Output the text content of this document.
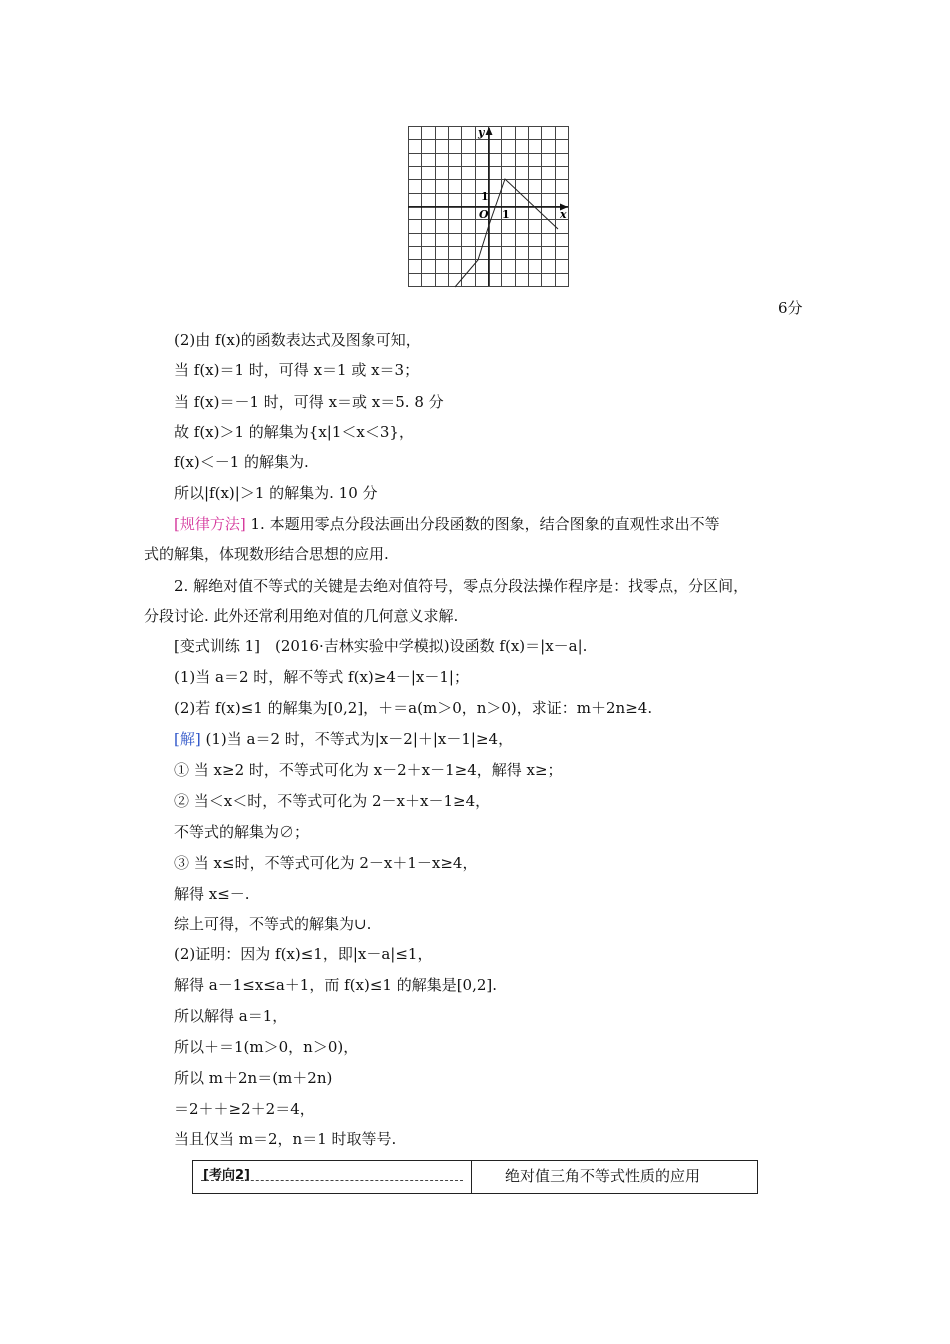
y
x
O 1
1
6分
(2)由 f(x)的函数表达式及图象可知，
当 f(x)＝1 时，可得 x＝1 或 x＝3；
当 f(x)＝－1 时，可得 x＝或 x＝5. 8 分
故 f(x)＞1 的解集为{x|1＜x＜3}，
f(x)＜－1 的解集为.
所以|f(x)|＞1 的解集为. 10 分
[规律方法] 1. 本题用零点分段法画出分段函数的图象，结合图象的直观性求出不等
式的解集，体现数形结合思想的应用.
2. 解绝对值不等式的关键是去绝对值符号，零点分段法操作程序是：找零点，分区间，
分段讨论. 此外还常利用绝对值的几何意义求解.
[变式训练 1]　(2016·吉林实验中学模拟)设函数 f(x)＝|x－a|.
(1)当 a＝2 时，解不等式 f(x)≥4－|x－1|；
(2)若 f(x)≤1 的解集为[0,2]，＋＝a(m＞0，n＞0)，求证：m＋2n≥4.
[解] (1)当 a＝2 时，不等式为|x－2|＋|x－1|≥4，
① 当 x≥2 时，不等式可化为 x－2＋x－1≥4，解得 x≥；
② 当＜x＜时，不等式可化为 2－x＋x－1≥4，
不等式的解集为∅；
③ 当 x≤时，不等式可化为 2－x＋1－x≥4，
解得 x≤－.
综上可得，不等式的解集为∪.
(2)证明：因为 f(x)≤1，即|x－a|≤1，
解得 a－1≤x≤a＋1，而 f(x)≤1 的解集是[0,2].
所以解得 a＝1，
所以＋＝1(m＞0，n＞0)，
所以 m＋2n＝(m＋2n)
＝2＋＋≥2＋2＝4，
当且仅当 m＝2，n＝1 时取等号.
[考向2]	绝对值三角不等式性质的应用
